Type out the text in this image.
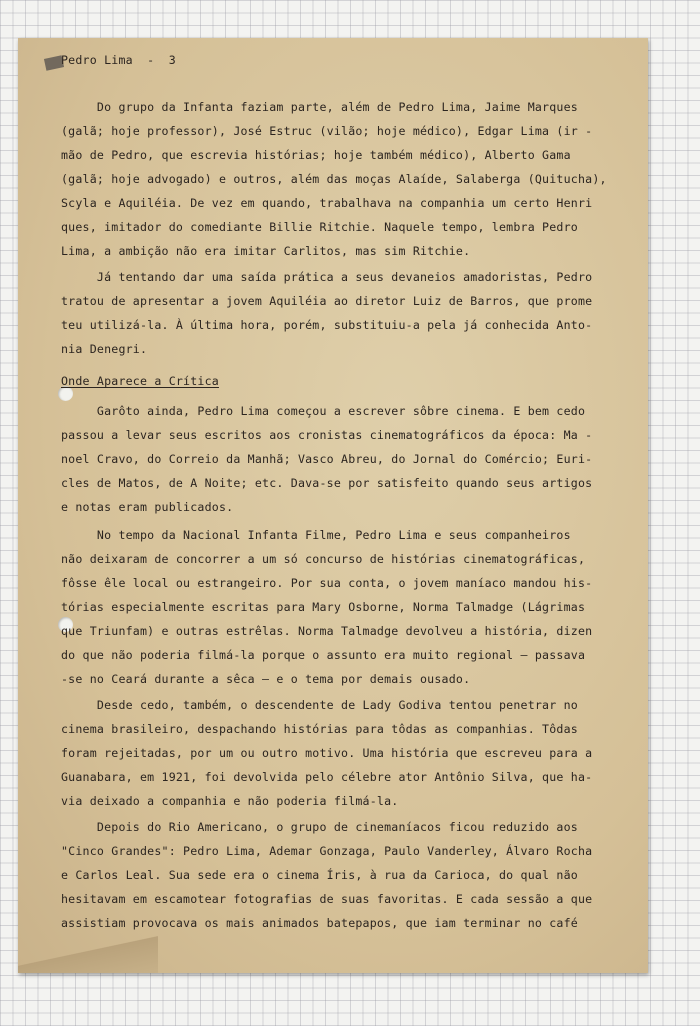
Pedro Lima  -  3
Do grupo da Infanta faziam parte, além de Pedro Lima, Jaime Marques
(galã; hoje professor), José Estruc (vilão; hoje médico), Edgar Lima (ir -
mão de Pedro, que escrevia histórias; hoje também médico), Alberto Gama
(galã; hoje advogado) e outros, além das moças Alaíde, Salaberga (Quitucha),
Scyla e Aquiléia. De vez em quando, trabalhava na companhia um certo Henri
ques, imitador do comediante Billie Ritchie. Naquele tempo, lembra Pedro
Lima, a ambição não era imitar Carlitos, mas sim Ritchie.
Já tentando dar uma saída prática a seus devaneios amadoristas, Pedro
tratou de apresentar a jovem Aquiléia ao diretor Luiz de Barros, que prome
teu utilizá-la. À última hora, porém, substituiu-a pela já conhecida Anto-
nia Denegri.
Onde Aparece a Crítica
Garôto ainda, Pedro Lima começou a escrever sôbre cinema. E bem cedo
passou a levar seus escritos aos cronistas cinematográficos da época: Ma -
noel Cravo, do Correio da Manhã; Vasco Abreu, do Jornal do Comércio; Euri-
cles de Matos, de A Noite; etc. Dava-se por satisfeito quando seus artigos
e notas eram publicados.
No tempo da Nacional Infanta Filme, Pedro Lima e seus companheiros
não deixaram de concorrer a um só concurso de histórias cinematográficas,
fôsse êle local ou estrangeiro. Por sua conta, o jovem maníaco mandou his-
tórias especialmente escritas para Mary Osborne, Norma Talmadge (Lágrimas
que Triunfam) e outras estrêlas. Norma Talmadge devolveu a história, dizen
do que não poderia filmá-la porque o assunto era muito regional — passava
-se no Ceará durante a sêca — e o tema por demais ousado.
Desde cedo, também, o descendente de Lady Godiva tentou penetrar no
cinema brasileiro, despachando histórias para tôdas as companhias. Tôdas
foram rejeitadas, por um ou outro motivo. Uma história que escreveu para a
Guanabara, em 1921, foi devolvida pelo célebre ator Antônio Silva, que ha-
via deixado a companhia e não poderia filmá-la.
Depois do Rio Americano, o grupo de cinemaníacos ficou reduzido aos
"Cinco Grandes": Pedro Lima, Ademar Gonzaga, Paulo Vanderley, Álvaro Rocha
e Carlos Leal. Sua sede era o cinema Íris, à rua da Carioca, do qual não
hesitavam em escamotear fotografias de suas favoritas. E cada sessão a que
assistiam provocava os mais animados batepapos, que iam terminar no café
